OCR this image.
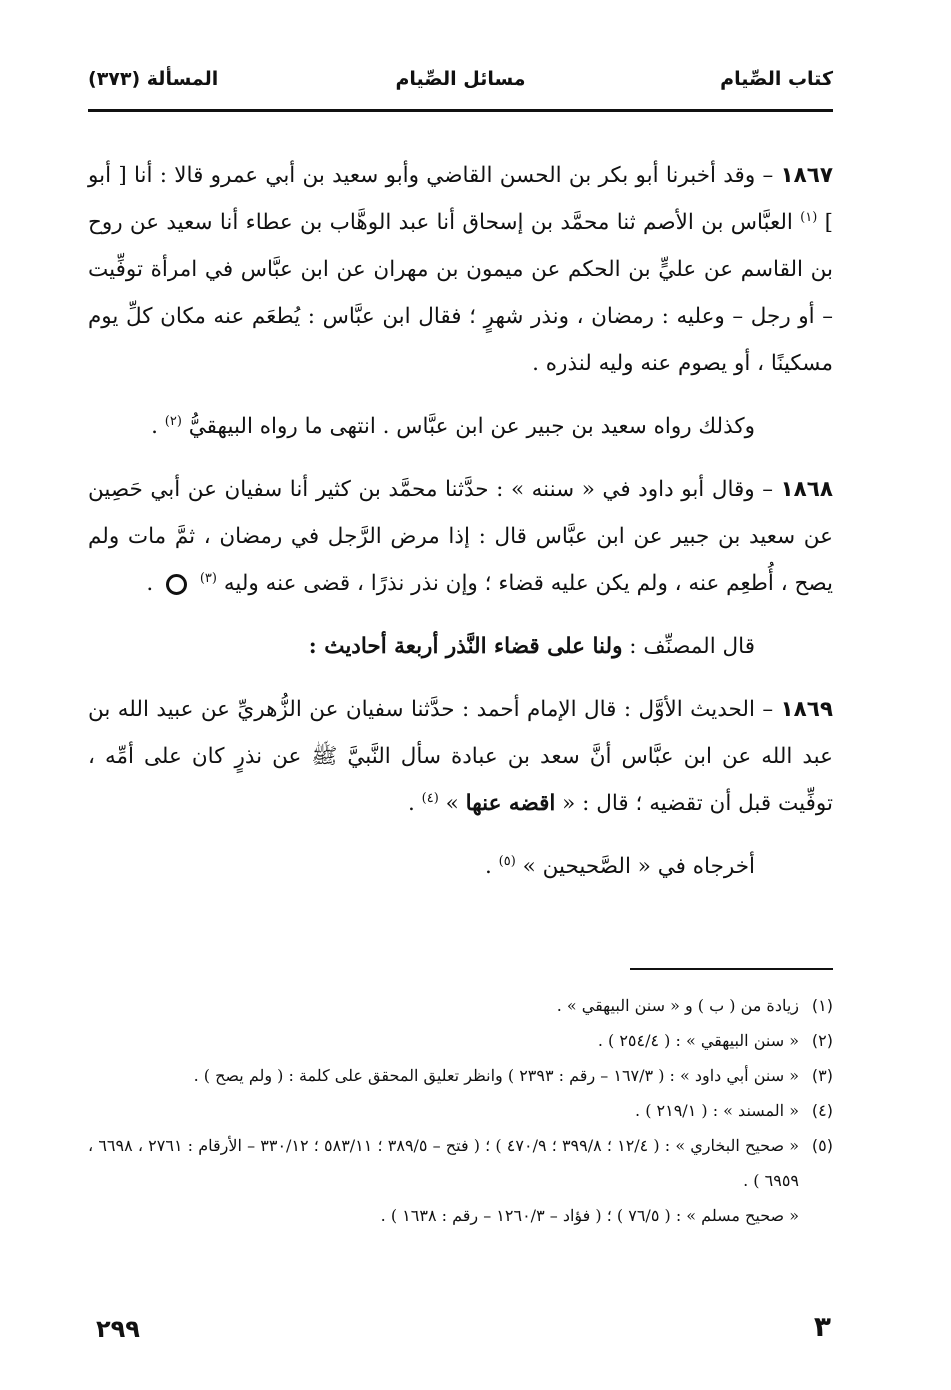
كتاب الصِّيام
مسائل الصِّيام
المسألة (٣٧٣)

١٨٦٧ – وقد أخبرنا أبو بكر بن الحسن القاضي وأبو سعيد بن أبي عمرو قالا : أنا [ أبو ] $^{(١)}$ العبَّاس بن الأصم ثنا محمَّد بن إسحاق أنا عبد الوهَّاب بن عطاء أنا سعيد عن روح بن القاسم عن عليٍّ بن الحكم عن ميمون بن مهران عن ابن عبَّاس في امرأة توفِّيت – أو رجل – وعليه : رمضان ، ونذر شهرٍ ؛ فقال ابن عبَّاس : يُطعَم عنه مكان كلِّ يوم مسكينًا ، أو يصوم عنه وليه لنذره .

وكذلك رواه سعيد بن جبير عن ابن عبَّاس . انتهى ما رواه البيهقيُّ $^{(٢)}$ .

١٨٦٨ – وقال أبو داود في « سننه » : حدَّثنا محمَّد بن كثير أنا سفيان عن أبي حَصِين عن سعيد بن جبير عن ابن عبَّاس قال : إذا مرض الرَّجل في رمضان ، ثمَّ مات ولم يصح ، أُطعِم عنه ، ولم يكن عليه قضاء ؛ وإن نذر نذرًا ، قضى عنه وليه $^{(٣)}$  .

قال المصنِّف : ولنا على قضاء النَّذر أربعة أحاديث :

١٨٦٩ – الحديث الأوَّل : قال الإمام أحمد : حدَّثنا سفيان عن الزُّهريِّ عن عبيد الله بن عبد الله عن ابن عبَّاس أنَّ سعد بن عبادة سأل النَّبيَّ ﷺ عن نذرٍ كان على أمِّه ، توفِّيت قبل أن تقضيه ؛ قال : « اقضه عنها » $^{(٤)}$ .

أخرجاه في « الصَّحيحين » $^{(٥)}$ .

(١)
زيادة من ( ب ) و « سنن البيهقي » .
(٢)
« سنن البيهقي » : ( ٢٥٤/٤ ) .
(٣)
« سنن أبي داود » : ( ١٦٧/٣ – رقم : ٢٣٩٣ ) وانظر تعليق المحقق على كلمة : ( ولم يصح ) .
(٤)
« المسند » : ( ٢١٩/١ ) .
(٥)
« صحيح البخاري » : ( ١٢/٤ ؛ ٣٩٩/٨ ؛ ٤٧٠/٩ ) ؛ ( فتح – ٣٨٩/٥ ؛ ٥٨٣/١١ ؛ ٣٣٠/١٢ – الأرقام : ٢٧٦١ ، ٦٦٩٨ ، ٦٩٥٩ ) .
« صحيح مسلم » : ( ٧٦/٥ ) ؛ ( فؤاد – ١٢٦٠/٣ – رقم : ١٦٣٨ ) .
٢٩٩	٣
